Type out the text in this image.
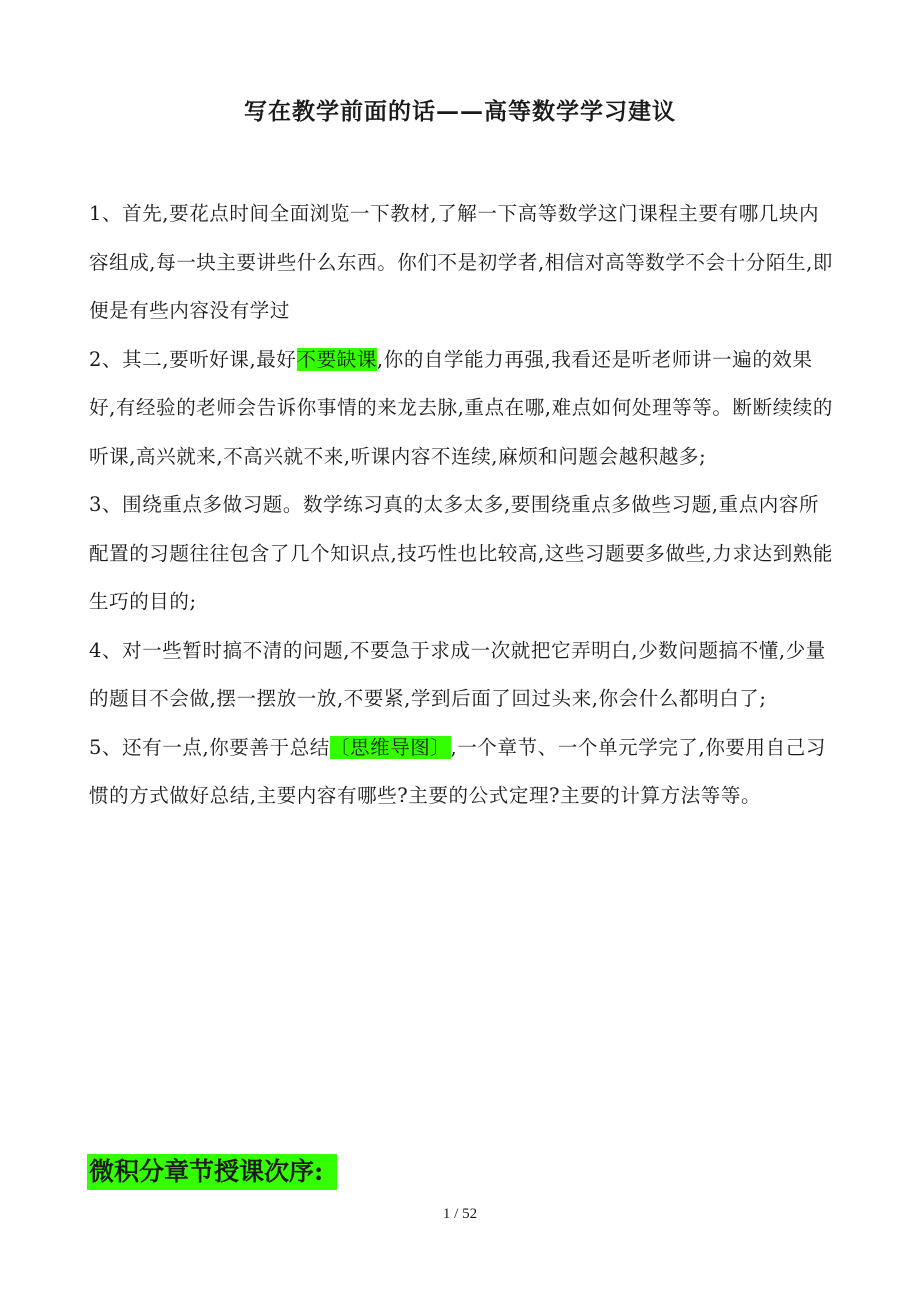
写在教学前面的话——高等数学学习建议

1、首先,要花点时间全面浏览一下教材,了解一下高等数学这门课程主要有哪几块内容组成,每一块主要讲些什么东西。你们不是初学者,相信对高等数学不会十分陌生,即便是有些内容没有学过

2、其二,要听好课,最好不要缺课,你的自学能力再强,我看还是听老师讲一遍的效果好,有经验的老师会告诉你事情的来龙去脉,重点在哪,难点如何处理等等。断断续续的听课,高兴就来,不高兴就不来,听课内容不连续,麻烦和问题会越积越多;

3、围绕重点多做习题。数学练习真的太多太多,要围绕重点多做些习题,重点内容所配置的习题往往包含了几个知识点,技巧性也比较高,这些习题要多做些,力求达到熟能生巧的目的;

4、对一些暂时搞不清的问题,不要急于求成一次就把它弄明白,少数问题搞不懂,少量的题目不会做,摆一摆放一放,不要紧,学到后面了回过头来,你会什么都明白了;

5、还有一点,你要善于总结〔思维导图〕,一个章节、一个单元学完了,你要用自己习惯的方式做好总结,主要内容有哪些?主要的公式定理?主要的计算方法等等。

微积分章节授课次序:
1 / 52
